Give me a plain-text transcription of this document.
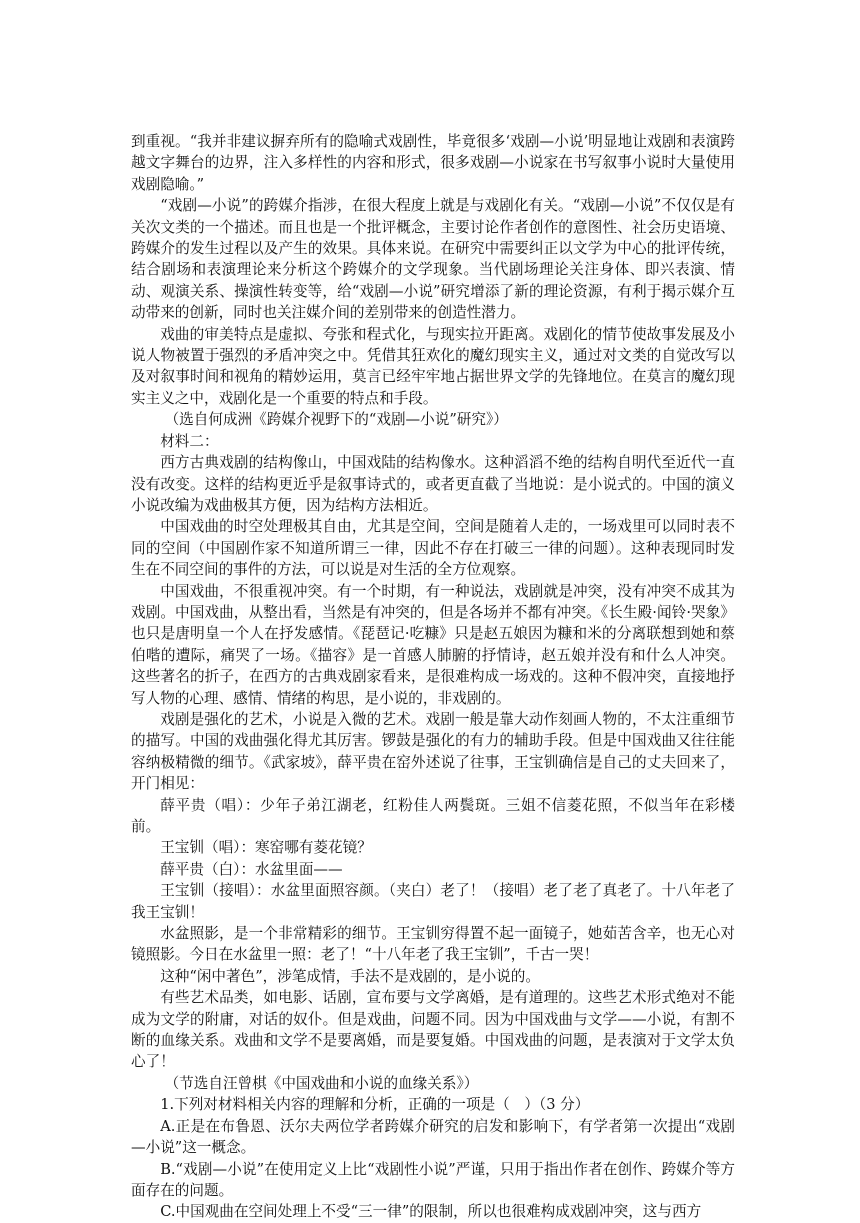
到重视。“我并非建议摒弃所有的隐喻式戏剧性，毕竟很多‘戏剧—小说’明显地让戏剧和表演跨越文字舞台的边界，注入多样性的内容和形式，很多戏剧—小说家在书写叙事小说时大量使用戏剧隐喻。”

“戏剧—小说”的跨媒介指涉，在很大程度上就是与戏剧化有关。“戏剧—小说”不仅仅是有关次文类的一个描述。而且也是一个批评概念，主要讨论作者创作的意图性、社会历史语境、跨媒介的发生过程以及产生的效果。具体来说。在研究中需要纠正以文学为中心的批评传统，结合剧场和表演理论来分析这个跨媒介的文学现象。当代剧场理论关注身体、即兴表演、情动、观演关系、操演性转变等，给“戏剧—小说”研究增添了新的理论资源，有利于揭示媒介互动带来的创新，同时也关注媒介间的差别带来的创造性潜力。

戏曲的审美特点是虚拟、夸张和程式化，与现实拉开距离。戏剧化的情节使故事发展及小说人物被置于强烈的矛盾冲突之中。凭借其狂欢化的魔幻现实主义，通过对文类的自觉改写以及对叙事时间和视角的精妙运用，莫言已经牢牢地占据世界文学的先锋地位。在莫言的魔幻现实主义之中，戏剧化是一个重要的特点和手段。

（选自何成洲《跨媒介视野下的“戏剧—小说”研究》）

材料二：

西方古典戏剧的结构像山，中国戏陆的结构像水。这种滔滔不绝的结构自明代至近代一直没有改变。这样的结构更近乎是叙事诗式的，或者更直截了当地说：是小说式的。中国的演义小说改编为戏曲极其方便，因为结构方法相近。

中国戏曲的时空处理极其自由，尤其是空间，空间是随着人走的，一场戏里可以同时表不同的空间（中国剧作家不知道所谓三一律，因此不存在打破三一律的问题）。这种表现同时发生在不同空间的事件的方法，可以说是对生活的全方位观察。

中国戏曲，不很重视冲突。有一个时期，有一种说法，戏剧就是冲突，没有冲突不成其为戏剧。中国戏曲，从整出看，当然是有冲突的，但是各场并不都有冲突。《长生殿·闻铃·哭象》也只是唐明皇一个人在抒发感情。《琵琶记·吃糠》只是赵五娘因为糠和米的分离联想到她和蔡伯喈的遭际，痛哭了一场。《描容》是一首感人肺腑的抒情诗，赵五娘并没有和什么人冲突。这些著名的折子，在西方的古典戏剧家看来，是很难构成一场戏的。这种不假冲突，直接地抒写人物的心理、感情、情绪的构思，是小说的，非戏剧的。

戏剧是强化的艺术，小说是入微的艺术。戏剧一般是靠大动作刻画人物的，不太注重细节的描写。中国的戏曲强化得尤其厉害。锣鼓是强化的有力的辅助手段。但是中国戏曲又往往能容纳极精微的细节。《武家坡》，薛平贵在窑外述说了往事，王宝钏确信是自己的丈夫回来了，开门相见：

薛平贵（唱）：少年子弟江湖老，红粉佳人两鬓斑。三姐不信菱花照，不似当年在彩楼前。

王宝钏（唱）：寒窑哪有菱花镜？

薛平贵（白）：水盆里面——

王宝钏（接唱）：水盆里面照容颜。（夹白）老了！（接唱）老了老了真老了。十八年老了我王宝钏！

水盆照影，是一个非常精彩的细节。王宝钏穷得置不起一面镜子，她茹苦含辛，也无心对镜照影。今日在水盆里一照：老了！“十八年老了我王宝钏”，千古一哭！

这种“闲中著色”，涉笔成情，手法不是戏剧的，是小说的。

有些艺术品类，如电影、话剧，宣布要与文学离婚，是有道理的。这些艺术形式绝对不能成为文学的附庸，对话的奴仆。但是戏曲，问题不同。因为中国戏曲与文学——小说，有割不断的血缘关系。戏曲和文学不是要离婚，而是要复婚。中国戏曲的问题，是表演对于文学太负心了！

（节选自汪曾棋《中国戏曲和小说的血缘关系》）

1.下列对材料相关内容的理解和分析，正确的一项是（　）（3 分）

A.正是在布鲁恩、沃尔夫两位学者跨媒介研究的启发和影响下，有学者第一次提出“戏剧—小说”这一概念。

B.“戏剧—小说”在使用定义上比“戏剧性小说”严谨，只用于指出作者在创作、跨媒介等方面存在的问题。

C.中国观曲在空间处理上不受“三一律”的限制，所以也很难构成戏剧冲突，这与西方
